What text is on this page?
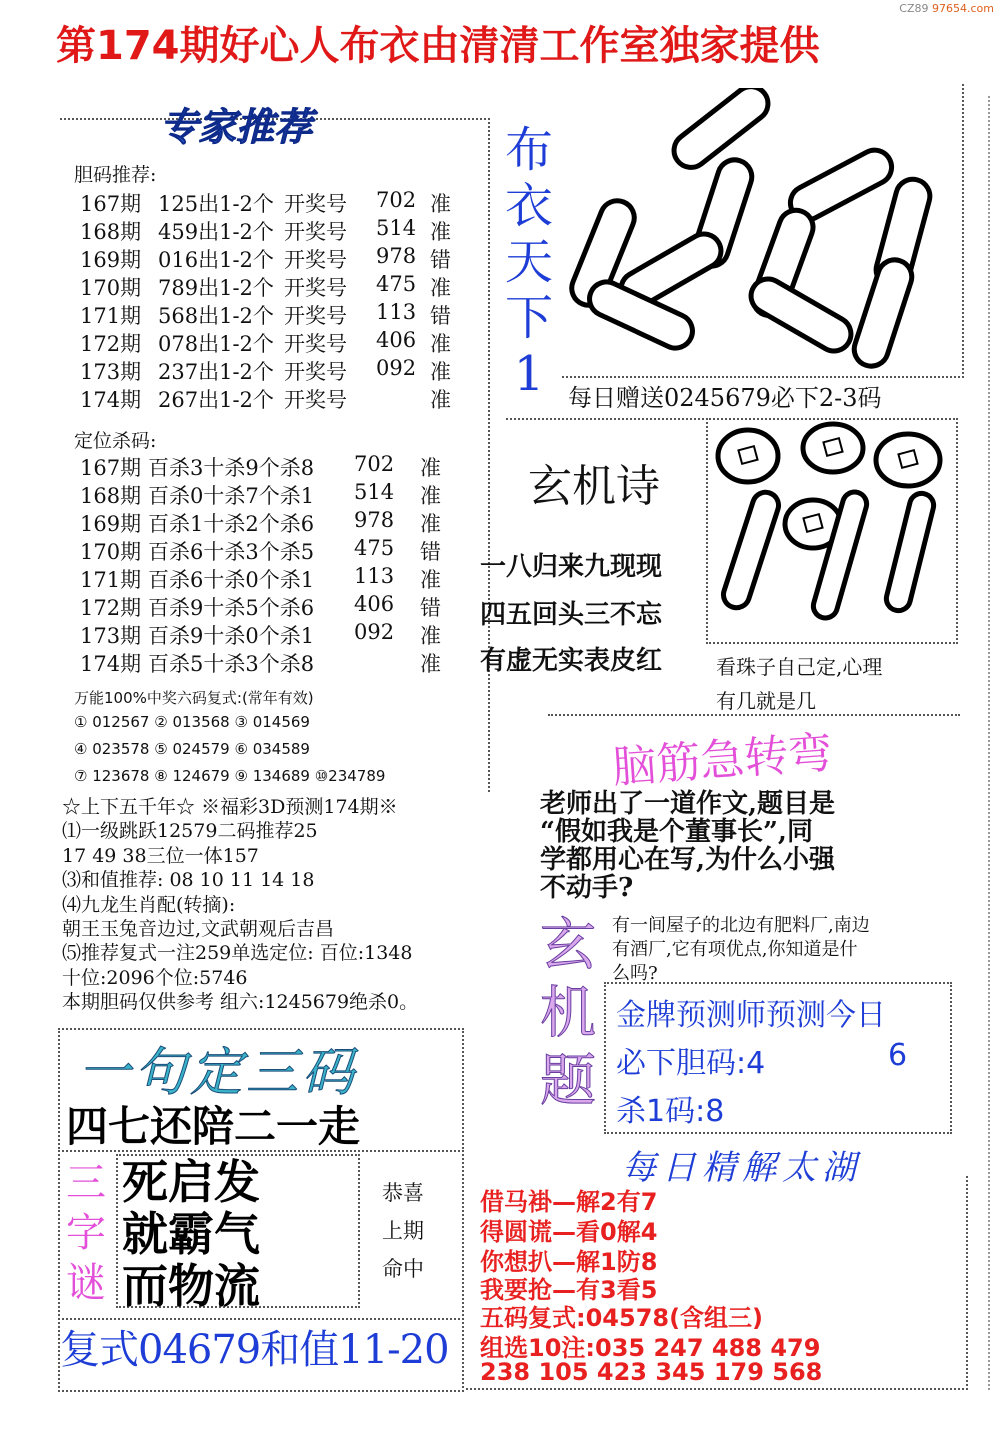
CZ89 97654.com
第174期好心人布衣由清清工作室独家提供
专家推荐
胆码推荐:
167期 125出1-2个 开奖号 702 准
168期 459出1-2个 开奖号 514 准
169期 016出1-2个 开奖号 978 错
170期 789出1-2个 开奖号 475 准
171期 568出1-2个 开奖号 113 错
172期 078出1-2个 开奖号 406 准
173期 237出1-2个 开奖号 092 准
174期 267出1-2个 开奖号	准
定位杀码:
167期 百杀3十杀9个杀8 702 准
168期 百杀0十杀7个杀1 514 准
169期 百杀1十杀2个杀6 978 准
170期 百杀6十杀3个杀5 475 错
171期 百杀6十杀0个杀1 113 准
172期 百杀9十杀5个杀6 406 错
173期 百杀9十杀0个杀1 092 准
174期 百杀5十杀3个杀8	准
万能100%中奖六码复式:(常年有效)
① 012567 ② 013568 ③ 014569
④ 023578 ⑤ 024579 ⑥ 034589
⑦ 123678 ⑧ 124679 ⑨ 134689 ⑩234789
☆上下五千年☆ ※福彩3D预测174期※
⑴一级跳跃12579二码推荐25
17 49 38三位一体157
⑶和值推荐: 08 10 11 14 18
⑷九龙生肖配(转摘):
朝王玉兔音边过,文武朝观后吉昌
⑸推荐复式一注259单选定位: 百位:1348
十位:2096个位:5746
本期胆码仅供参考 组六:1245679绝杀0。
一句定三码
四七还陪二一走
三
字
谜
死启发
就霸气
而物流
恭喜
上期
命中
复式04679和值11-20
布
衣
天
下
1 每日赠送0245679必下2-3码
玄机诗
一八归来九现现
四五回头三不忘
有虚无实表皮红	看珠子自己定,心理
有几就是几
脑筋急转弯
老师出了一道作文,题目是
“假如我是个董事长”,同
学都用心在写,为什么小强
不动手?
玄
机
题
有一间屋子的北边有肥料厂,南边
有酒厂,它有项优点,你知道是什
么吗?
金牌预测师预测今日
必下胆码:4	6
杀1码:8
每日精解太湖
借马褂—解2有7
得圆谎—看0解4
你想扒—解1防8
我要抢—有3看5
五码复式:04578(含组三)
组选10注:035 247 488 479
238 105 423 345 179 568
